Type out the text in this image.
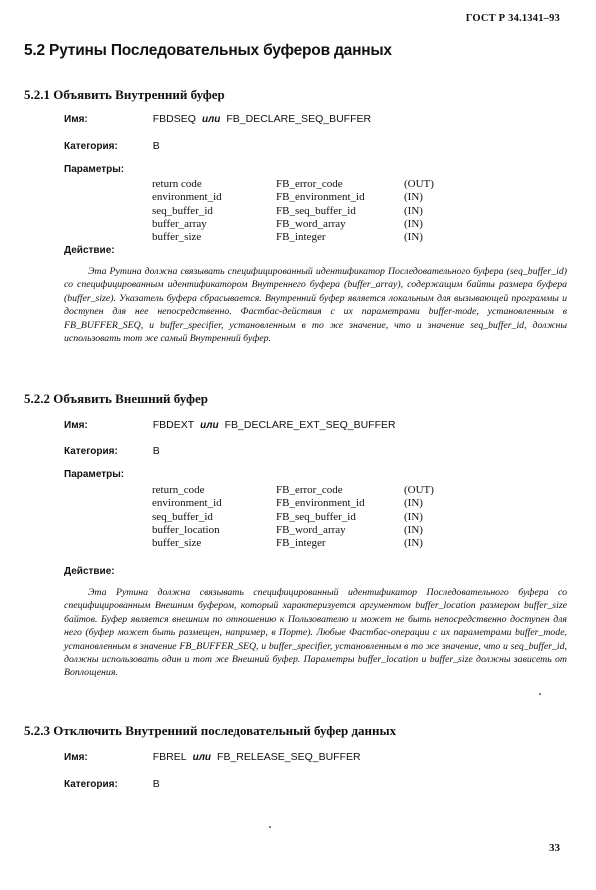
ГОСТ Р 34.1341–93
5.2 Рутины Последовательных буферов данных
5.2.1 Объявить Внутренний буфер
Имя:	FBDSEQ или FB_DECLARE_SEQ_BUFFER
Категория:	B
Параметры:
return code	FB_error_code	(OUT)
environment_id	FB_environment_id	(IN)
seq_buffer_id	FB_seq_buffer_id	(IN)
buffer_array	FB_word_array	(IN)
buffer_size	FB_integer	(IN)
Действие:
Эта Рутина должна связывать специфицированный идентификатор Последовательного буфера (seq_buffer_id) со специфицированным идентификатором Внутреннего буфера (buffer_array), содержащим байты размера буфера (buffer_size). Указатель буфера сбрасывается. Внутренний буфер является локальным для вызывающей программы и доступен для нее непосредственно. Фастбас-действия с их параметрами buffer-mode, установленным в FB_BUFFER_SEQ, и buffer_specifier, установленным в то же значение, что и значение seq_buffer_id, должны использовать тот же самый Внутренний буфер.
5.2.2 Объявить Внешний буфер
Имя:	FBDEXT или FB_DECLARE_EXT_SEQ_BUFFER
Категория:	B
Параметры:
return_code	FB_error_code	(OUT)
environment_id	FB_environment_id	(IN)
seq_buffer_id	FB_seq_buffer_id	(IN)
buffer_location	FB_word_array	(IN)
buffer_size	FB_integer	(IN)
Действие:
Эта Рутина должна связывать специфицированный идентификатор Последовательного буфера со специфицированным Внешним буфером, который характеризуется аргументом buffer_location размером buffer_size байтов. Буфер является внешним по отношению к Пользователю и может не быть непосредственно доступен для него (буфер может быть размещен, например, в Порте). Любые Фастбас-операции с их параметрами buffer_mode, установленным в значение FB_BUFFER_SEQ, и buffer_specifier, установленным в то же значение, что и seq_buffer_id, должны использовать один и тот же Внешний буфер. Параметры buffer_location и buffer_size должны зависеть от Воплощения.
5.2.3 Отключить Внутренний последовательный буфер данных
Имя:	FBREL или FB_RELEASE_SEQ_BUFFER
Категория:	B
33
